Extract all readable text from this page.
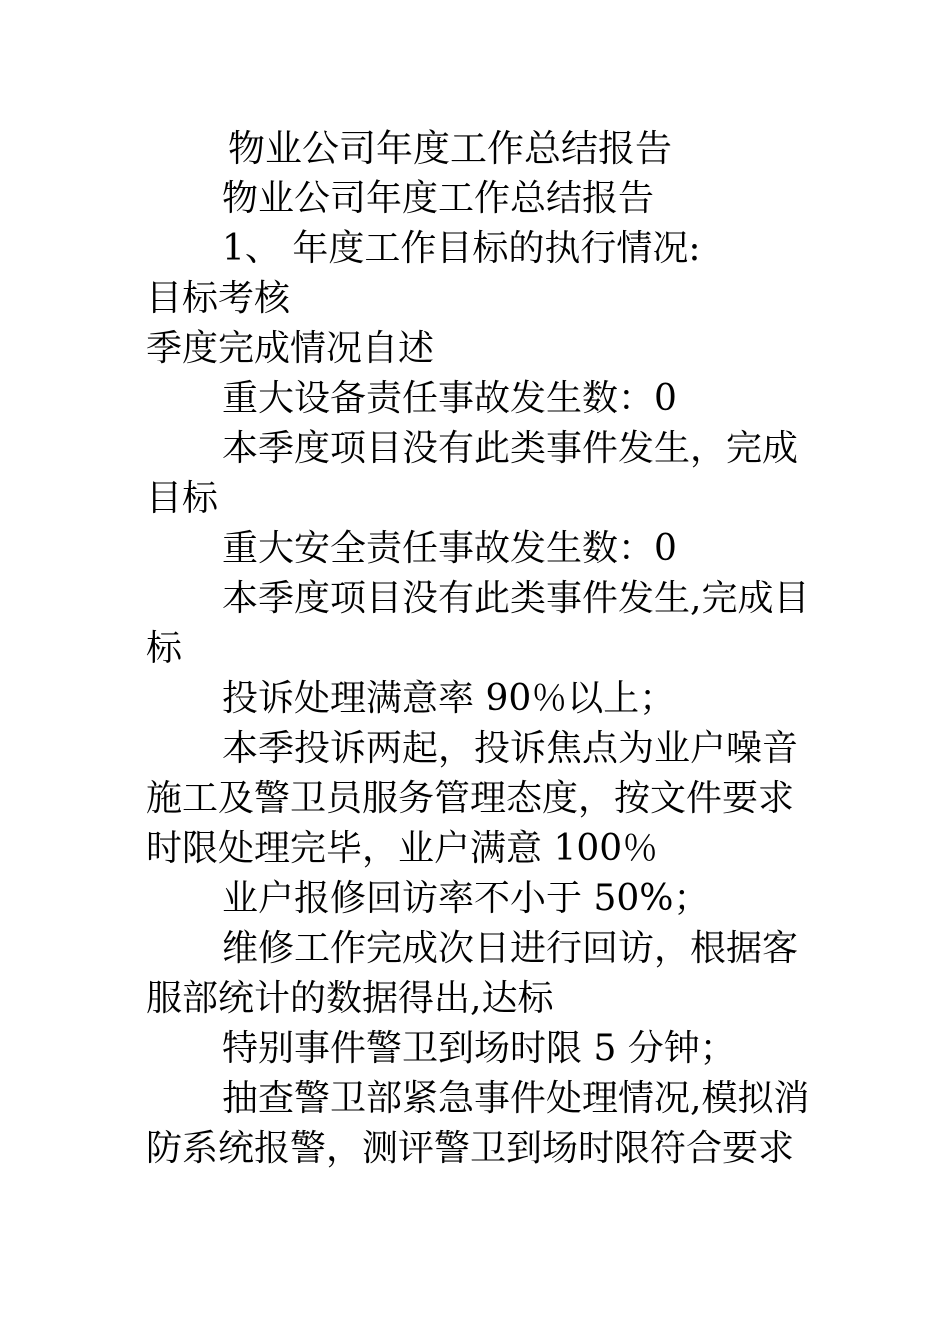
物业公司年度工作总结报告

物业公司年度工作总结报告

1、 年度工作目标的执行情况:

目标考核

季度完成情况自述

重大设备责任事故发生数：0

本季度项目没有此类事件发生，完成目标

重大安全责任事故发生数：0

本季度项目没有此类事件发生,完成目标

投诉处理满意率 90％以上；

本季投诉两起，投诉焦点为业户噪音施工及警卫员服务管理态度，按文件要求时限处理完毕，业户满意 100％

业户报修回访率不小于 50%；

维修工作完成次日进行回访，根据客服部统计的数据得出,达标

特别事件警卫到场时限 5 分钟；

抽查警卫部紧急事件处理情况,模拟消防系统报警，测评警卫到场时限符合要求
